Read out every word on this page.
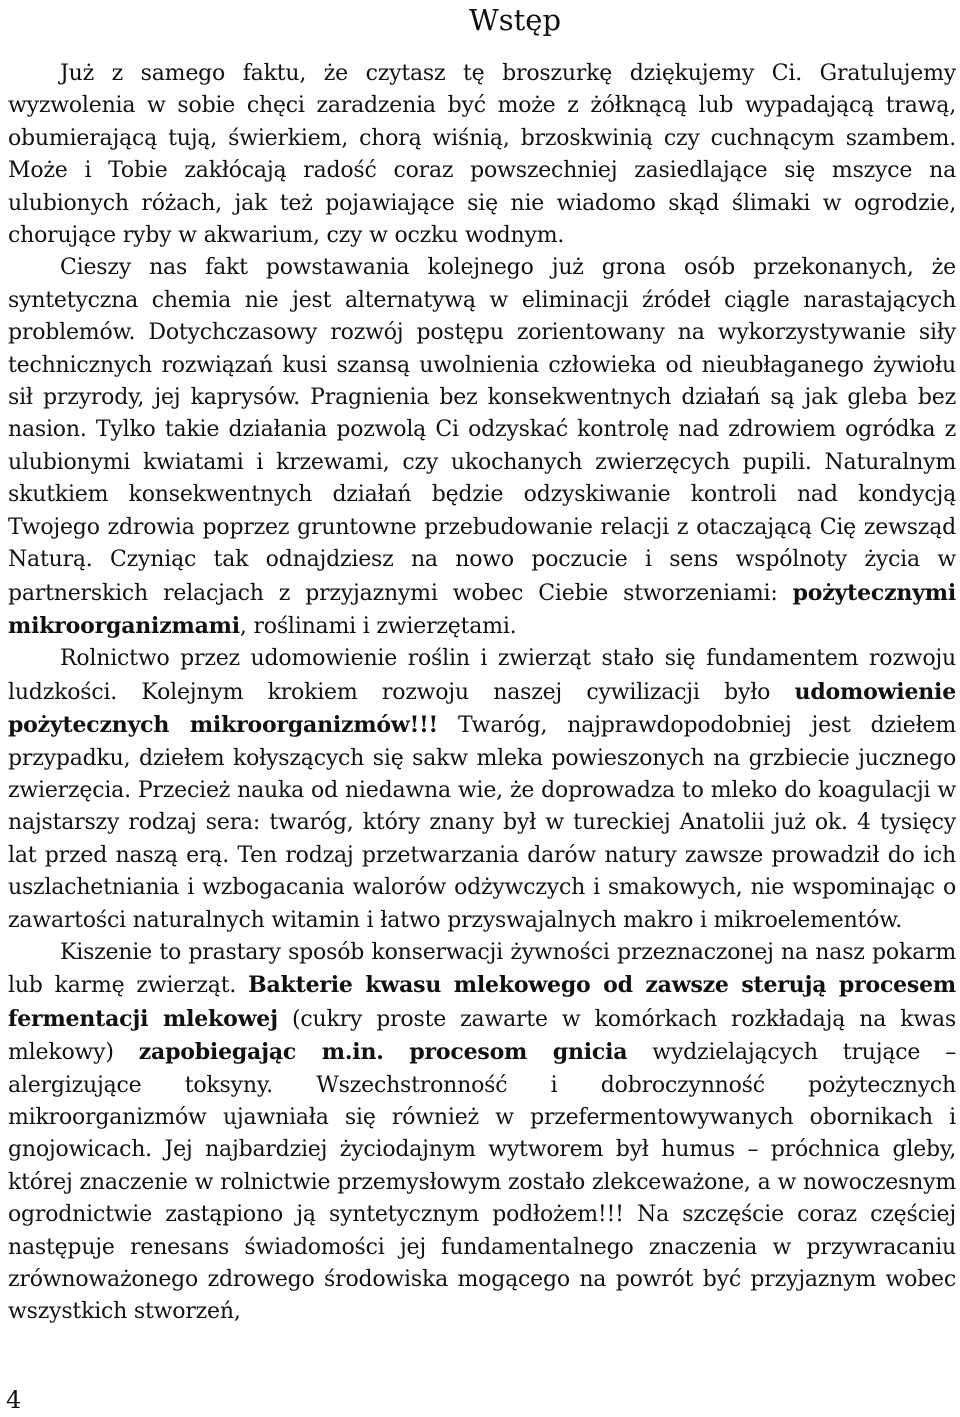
Wstęp

Już z samego faktu, że czytasz tę broszurkę dziękujemy Ci. Gratulujemy wyzwolenia w sobie chęci zaradzenia być może z żółknącą lub wypadającą trawą, obumierającą tują, świerkiem, chorą wiśnią, brzoskwinią czy cuchnącym szambem. Może i Tobie zakłócają radość coraz powszechniej zasiedlające się mszyce na ulubionych różach, jak też pojawiające się nie wiadomo skąd ślimaki w ogrodzie, chorujące ryby w akwarium, czy w oczku wodnym.

Cieszy nas fakt powstawania kolejnego już grona osób przekonanych, że syntetyczna chemia nie jest alternatywą w eliminacji źródeł ciągle narastających problemów. Dotychczasowy rozwój postępu zorientowany na wykorzystywanie siły technicznych rozwiązań kusi szansą uwolnienia człowieka od nieubłaganego żywiołu sił przyrody, jej kaprysów. Pragnienia bez konsekwentnych działań są jak gleba bez nasion. Tylko takie działania pozwolą Ci odzyskać kontrolę nad zdrowiem ogródka z ulubionymi kwiatami i krzewami, czy ukochanych zwierzęcych pupili. Naturalnym skutkiem konsekwentnych działań będzie odzyskiwanie kontroli nad kondycją Twojego zdrowia poprzez gruntowne przebudowanie relacji z otaczającą Cię zewsząd Naturą. Czyniąc tak odnajdziesz na nowo poczucie i sens wspólnoty życia w partnerskich relacjach z przyjaznymi wobec Ciebie stworzeniami: pożytecznymi mikroorganizmami, roślinami i zwierzętami.

Rolnictwo przez udomowienie roślin i zwierząt stało się fundamentem rozwoju ludzkości. Kolejnym krokiem rozwoju naszej cywilizacji było udomowienie pożytecznych mikroorganizmów!!! Twaróg, najprawdopodobniej jest dziełem przypadku, dziełem kołyszących się sakw mleka powieszonych na grzbiecie jucznego zwierzęcia. Przecież nauka od niedawna wie, że doprowadza to mleko do koagulacji w najstarszy rodzaj sera: twaróg, który znany był w tureckiej Anatolii już ok. 4 tysięcy lat przed naszą erą. Ten rodzaj przetwarzania darów natury zawsze prowadził do ich uszlachetniania i wzbogacania walorów odżywczych i smakowych, nie wspominając o zawartości naturalnych witamin i łatwo przyswajalnych makro i mikroelementów.

Kiszenie to prastary sposób konserwacji żywności przeznaczonej na nasz pokarm lub karmę zwierząt. Bakterie kwasu mlekowego od zawsze sterują procesem fermentacji mlekowej (cukry proste zawarte w komórkach rozkładają na kwas mlekowy) zapobiegając m.in. procesom gnicia wydzielających trujące – alergizujące toksyny. Wszechstronność i dobroczynność pożytecznych mikroorganizmów ujawniała się również w przefermentowywanych obornikach i gnojowicach. Jej najbardziej życiodajnym wytworem był humus – próchnica gleby, której znaczenie w rolnictwie przemysłowym zostało zlekceważone, a w nowoczesnym ogrodnictwie zastąpiono ją syntetycznym podłożem!!! Na szczęście coraz częściej następuje renesans świadomości jej fundamentalnego znaczenia w przywracaniu zrównoważonego zdrowego środowiska mogącego na powrót być przyjaznym wobec wszystkich stworzeń,

4
